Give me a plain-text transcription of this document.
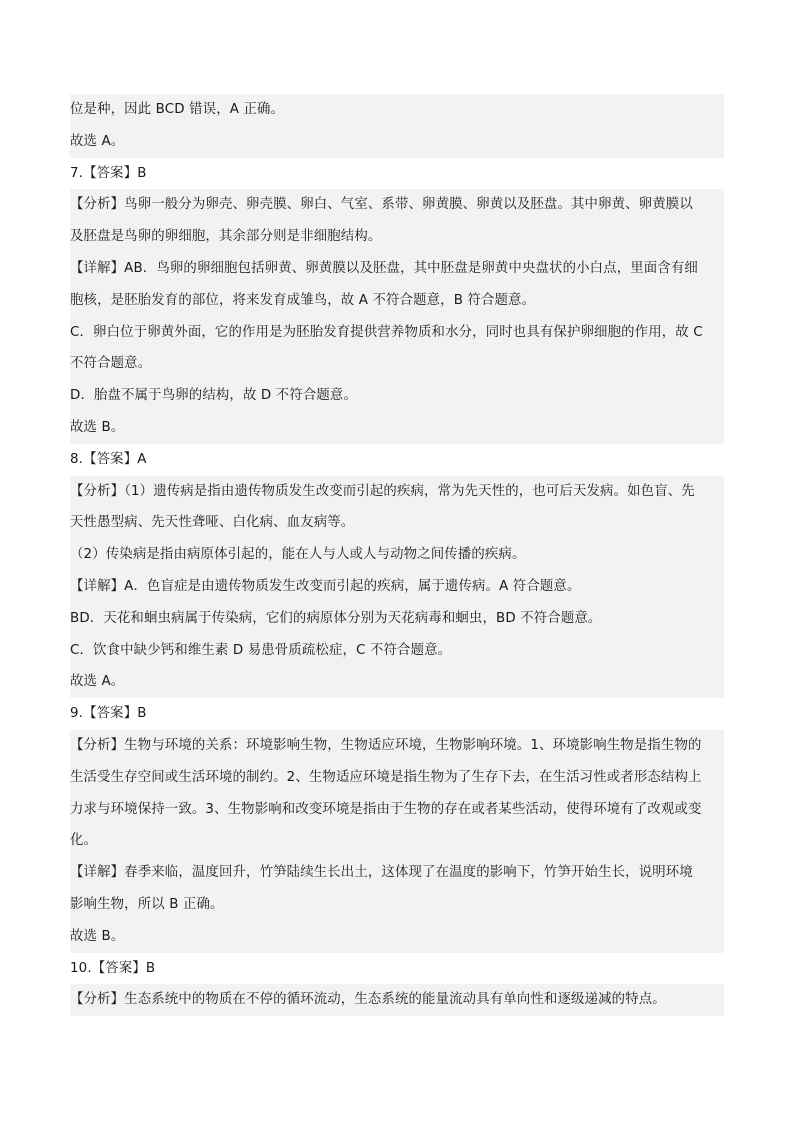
位是种，因此 BCD 错误，A 正确。
故选 A。
7.【答案】B
【分析】鸟卵一般分为卵壳、卵壳膜、卵白、气室、系带、卵黄膜、卵黄以及胚盘。其中卵黄、卵黄膜以
及胚盘是鸟卵的卵细胞，其余部分则是非细胞结构。
【详解】AB．鸟卵的卵细胞包括卵黄、卵黄膜以及胚盘，其中胚盘是卵黄中央盘状的小白点，里面含有细
胞核，是胚胎发育的部位，将来发育成雏鸟，故 A 不符合题意，B 符合题意。
C．卵白位于卵黄外面，它的作用是为胚胎发育提供营养物质和水分，同时也具有保护卵细胞的作用，故 C
不符合题意。
D．胎盘不属于鸟卵的结构，故 D 不符合题意。
故选 B。
8.【答案】A
【分析】（1）遗传病是指由遗传物质发生改变而引起的疾病，常为先天性的，也可后天发病。如色盲、先
天性愚型病、先天性聋哑、白化病、血友病等。
（2）传染病是指由病原体引起的，能在人与人或人与动物之间传播的疾病。
【详解】A．色盲症是由遗传物质发生改变而引起的疾病，属于遗传病。A 符合题意。
BD．天花和蛔虫病属于传染病，它们的病原体分别为天花病毒和蛔虫，BD 不符合题意。
C．饮食中缺少钙和维生素 D 易患骨质疏松症，C 不符合题意。
故选 A。
9.【答案】B
【分析】生物与环境的关系：环境影响生物，生物适应环境，生物影响环境。1、环境影响生物是指生物的
生活受生存空间或生活环境的制约。2、生物适应环境是指生物为了生存下去，在生活习性或者形态结构上
力求与环境保持一致。3、生物影响和改变环境是指由于生物的存在或者某些活动，使得环境有了改观或变
化。
【详解】春季来临，温度回升，竹笋陆续生长出土，这体现了在温度的影响下，竹笋开始生长，说明环境
影响生物，所以 B 正确。
故选 B。
10.【答案】B
【分析】生态系统中的物质在不停的循环流动，生态系统的能量流动具有单向性和逐级递减的特点。
